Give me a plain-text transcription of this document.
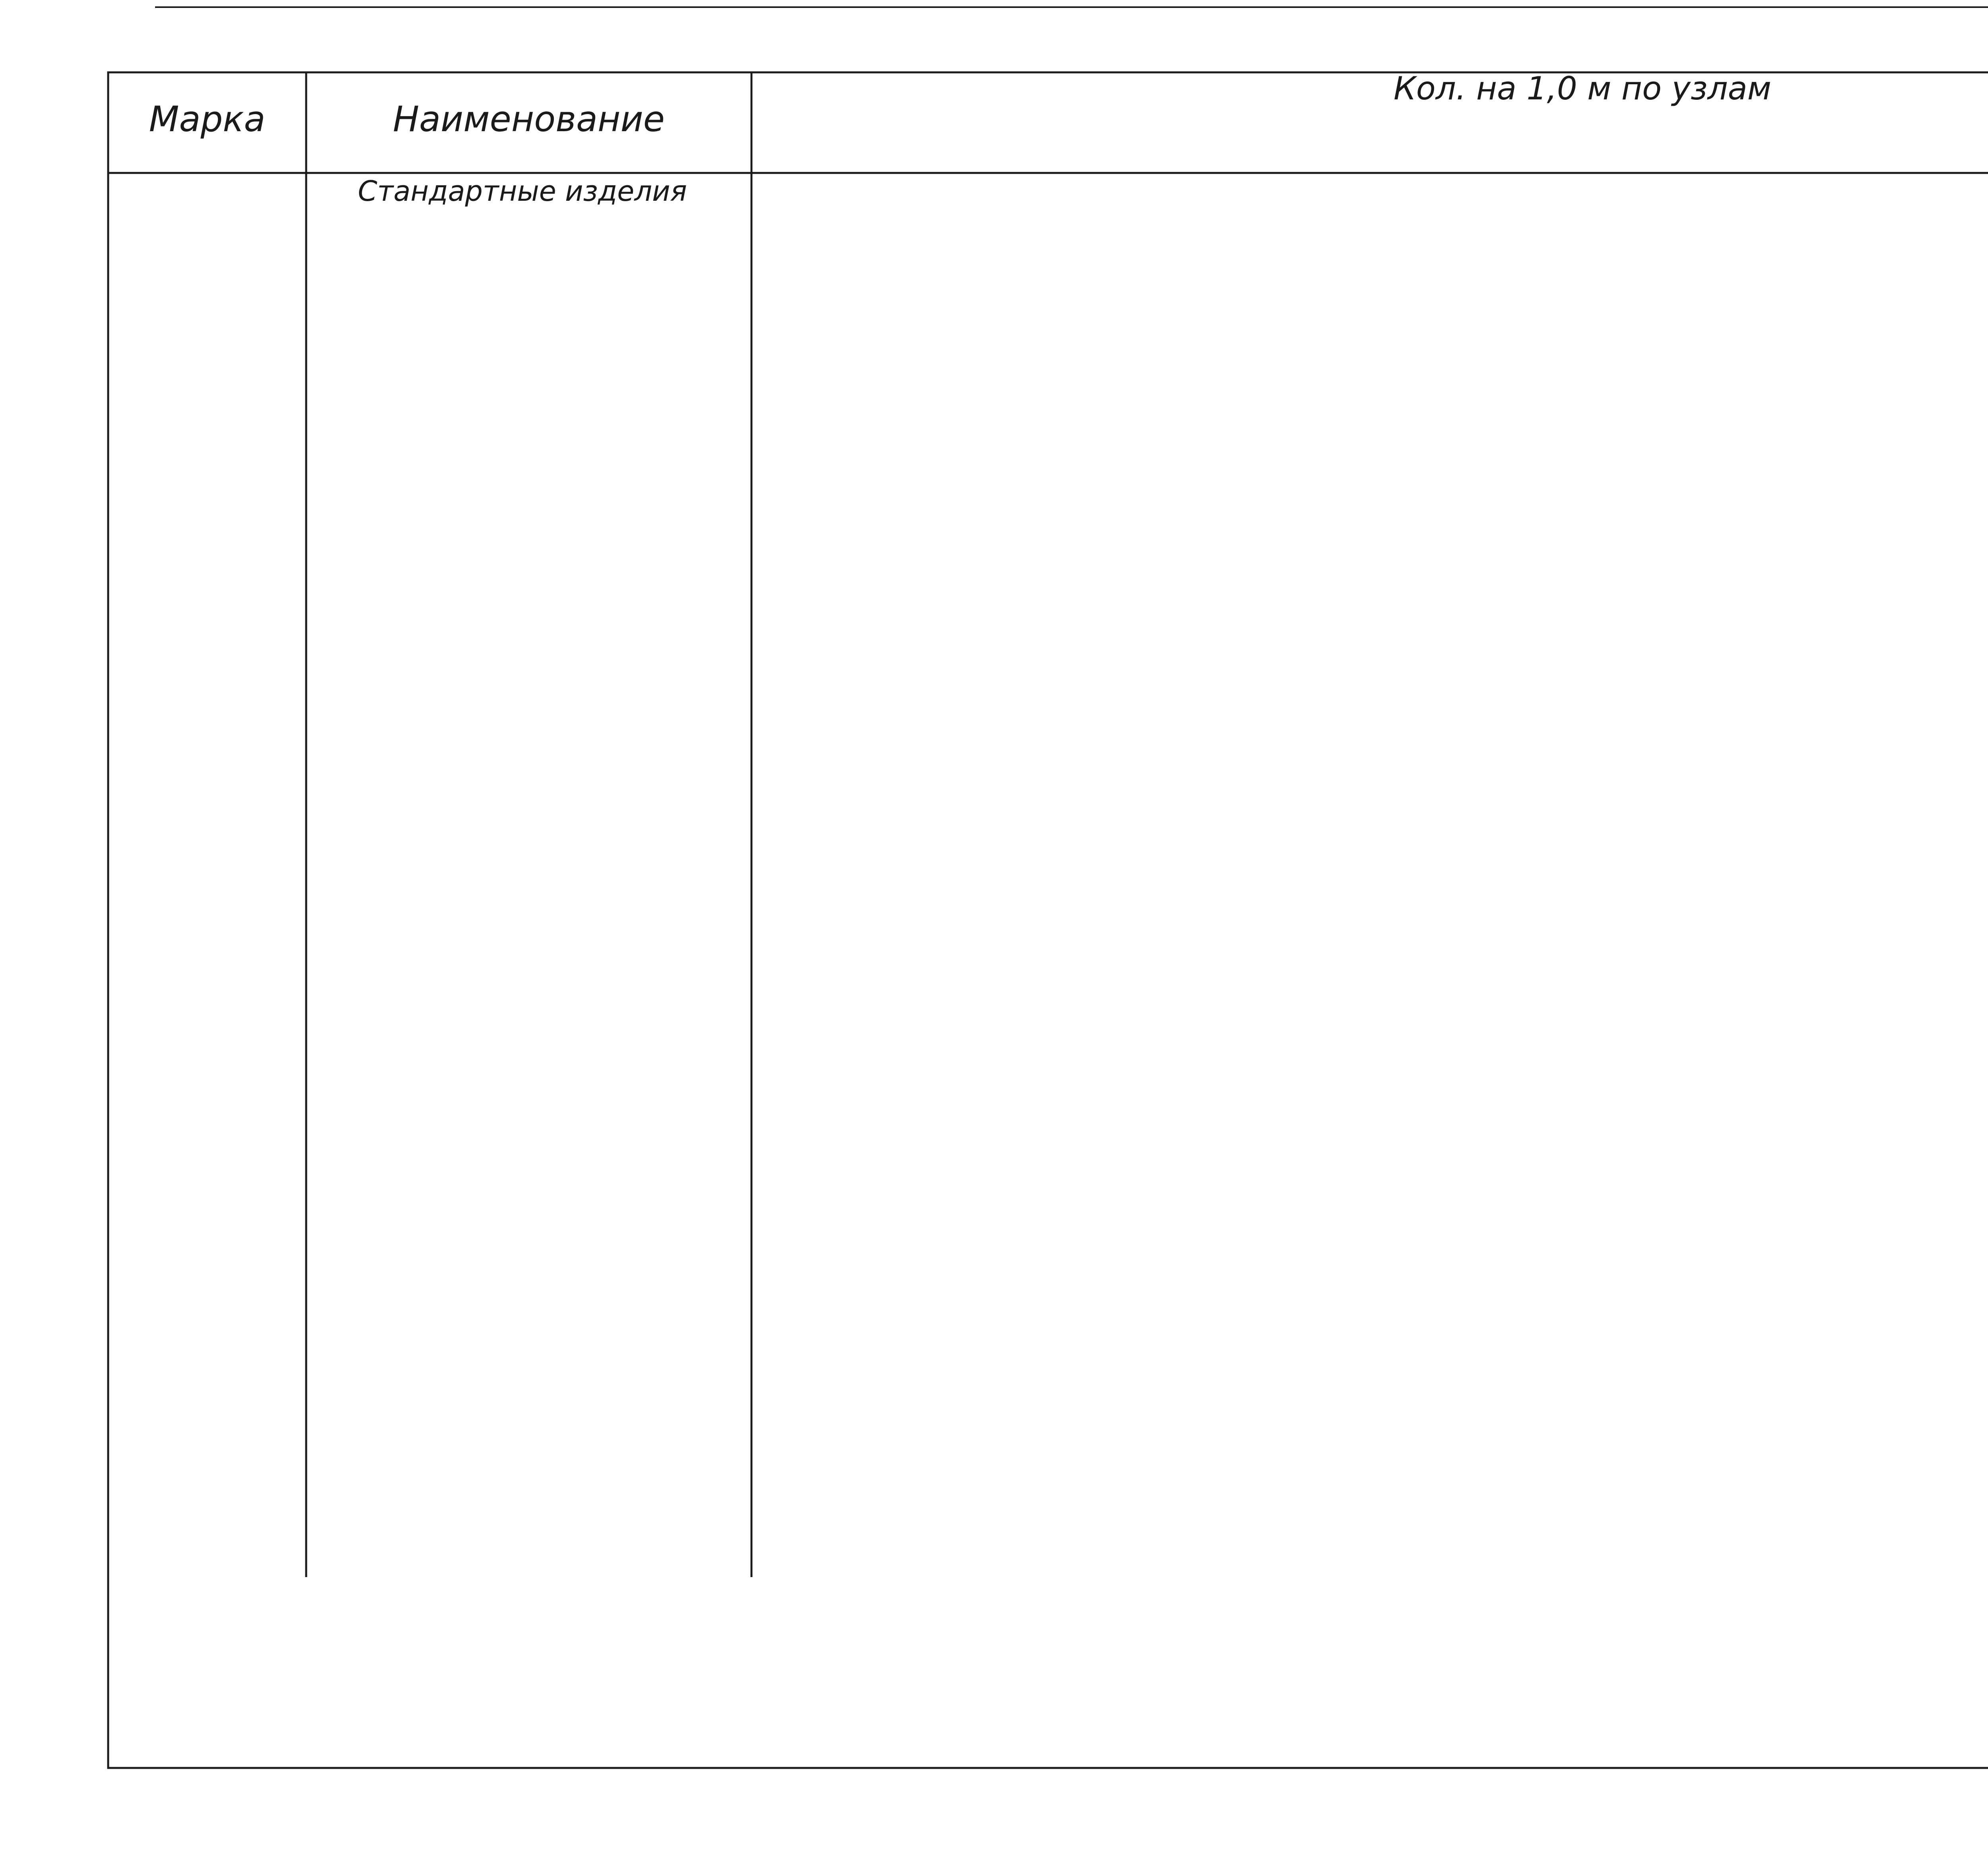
Марка	Наименование
Кол. на 1,0 м по узлам
Стандартные изделия
